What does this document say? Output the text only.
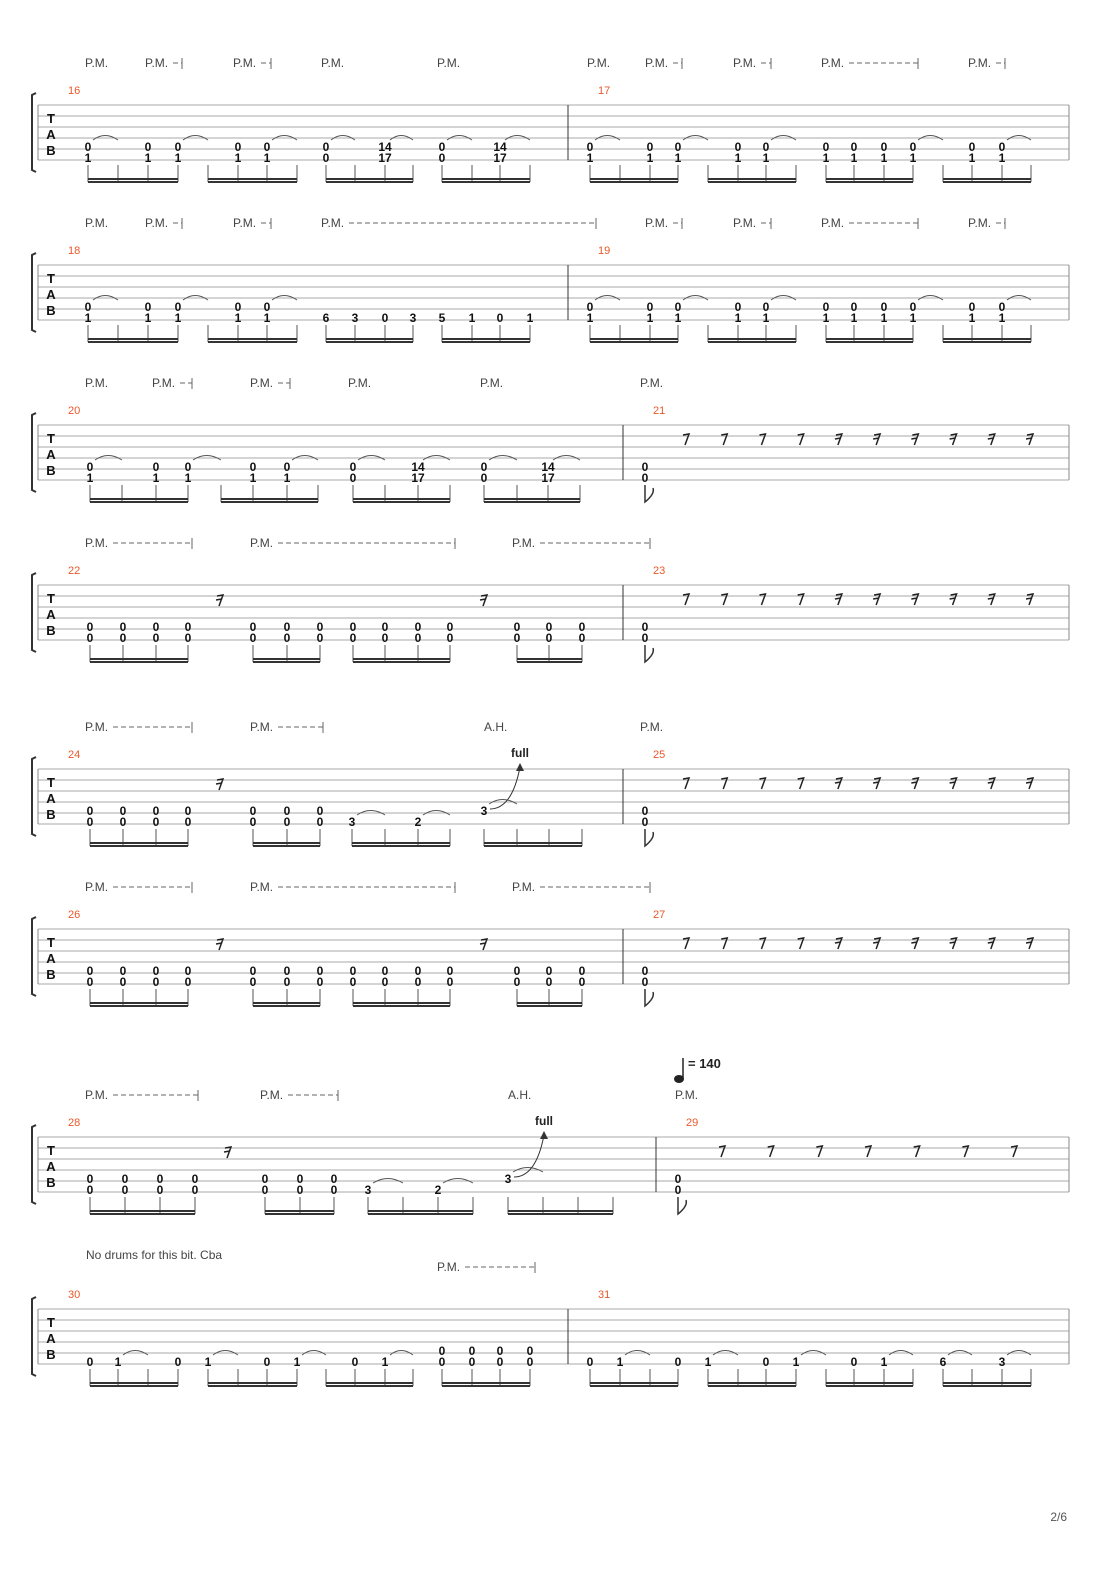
T
A
B
16	17
P.M.	P.M.	P.M.	P.M.	P.M.	P.M.	P.M.	P.M.	P.M.	P.M.
0
1
0
1
0
1
0
1
0
1
0
0
14
17
0
0
14
17
0
1
0
1
0
1
0
1
0
1
0
1
0
1
0
1
0
1
0
1
0
1
T
A
B
18	19
P.M.	P.M.	P.M.	P.M.	P.M.	P.M.	P.M.	P.M.
0
1
0
1
0
1
0
1
0
1	6 3 0 3 5 1 0 1
0
1
0
1
0
1
0
1
0
1
0
1
0
1
0
1
0
1
0
1
0
1
T
A
B
20	21
P.M.	P.M.	P.M.	P.M.	P.M.	P.M.
0
1
0
1
0
1
0
1
0
1
0
0
14
17
0
0
14
17
0
0
T
A
B
22	23
P.M.	P.M.	P.M.
0
0
0
0
0
0
0
0
0
0
0
0
0
0
0
0
0
0
0
0
0
0
0
0
0
0
0
0
0
0
T
A
B
24	25
P.M.	P.M.	P.M.
0
0
0
0
0
0
0
0
0
0
0
0
0
0 3	2
3	0
0
full
A.H.
T
A
B
26	27
P.M.	P.M.	P.M.
0
0
0
0
0
0
0
0
0
0
0
0
0
0
0
0
0
0
0
0
0
0
0
0
0
0
0
0
0
0
T
A
B
28	29
P.M.	P.M.	P.M.
0
0
0
0
0
0
0
0
0
0
0
0
0
0 3	2
3	0
0
full
A.H.
T
A
B
30	31
P.M.
0 1	0 1	0 1	0 1
0
0
0
0
0
0
0
0	0 1	0 1	0 1	0 1	6	3
= 140
No drums for this bit. Cba
2/6
